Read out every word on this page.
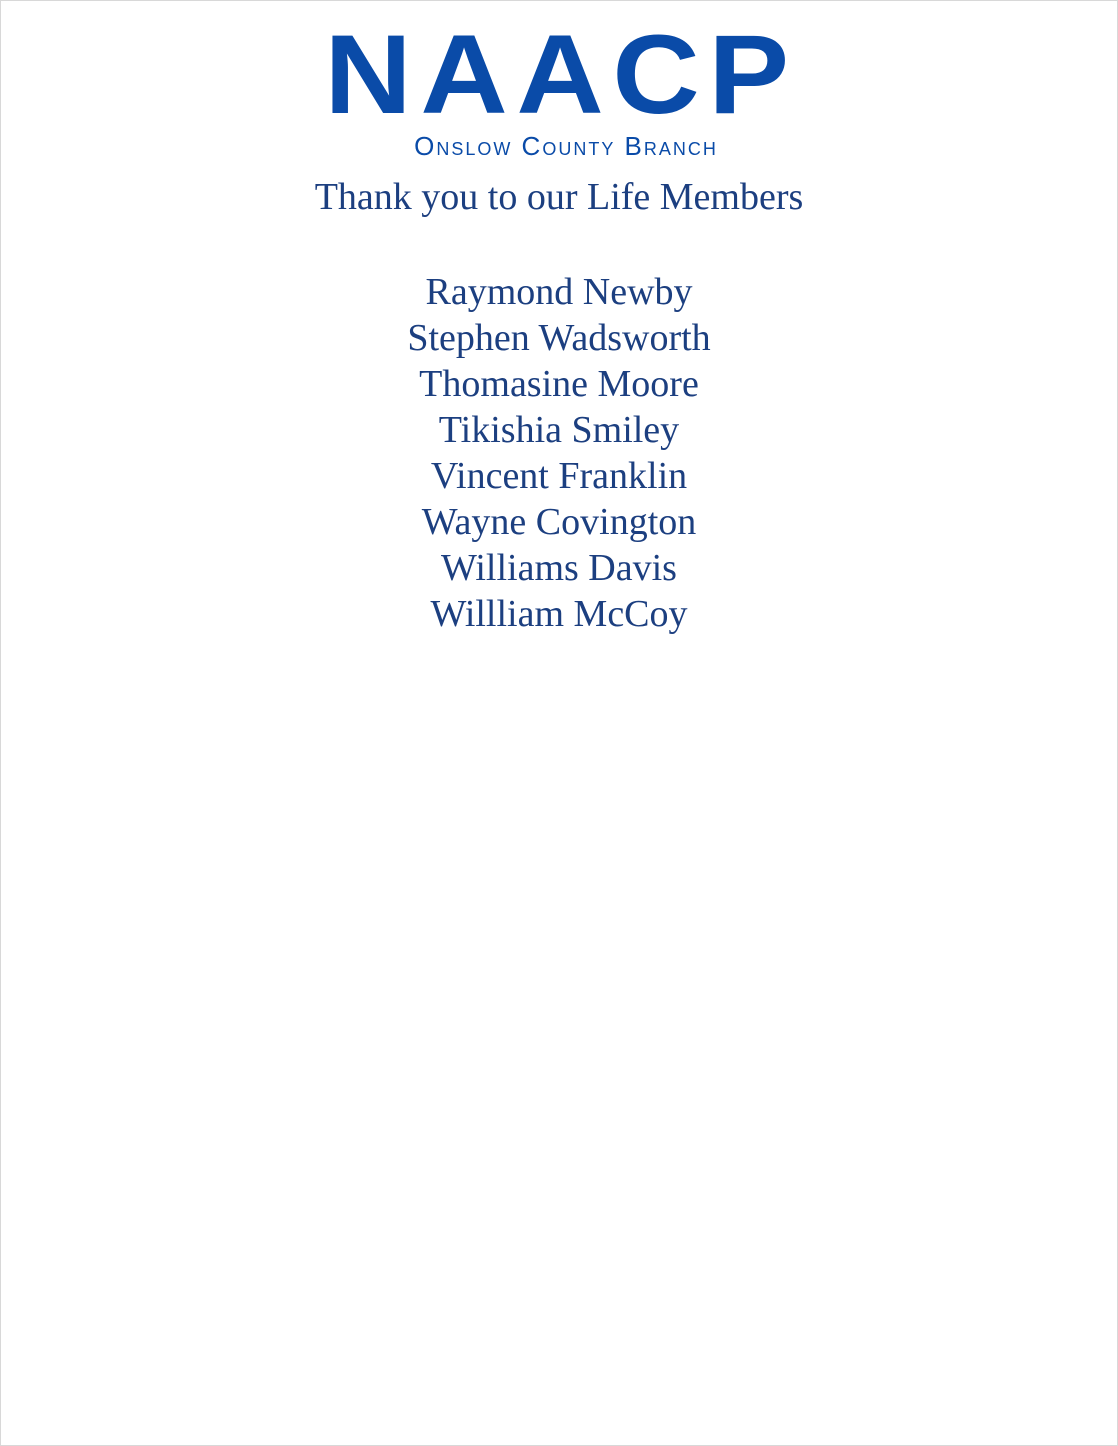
NAACP
Onslow County Branch
Thank you to our Life Members
Raymond Newby
Stephen Wadsworth
Thomasine Moore
Tikishia Smiley
Vincent Franklin
Wayne Covington
Williams Davis
Willliam McCoy
